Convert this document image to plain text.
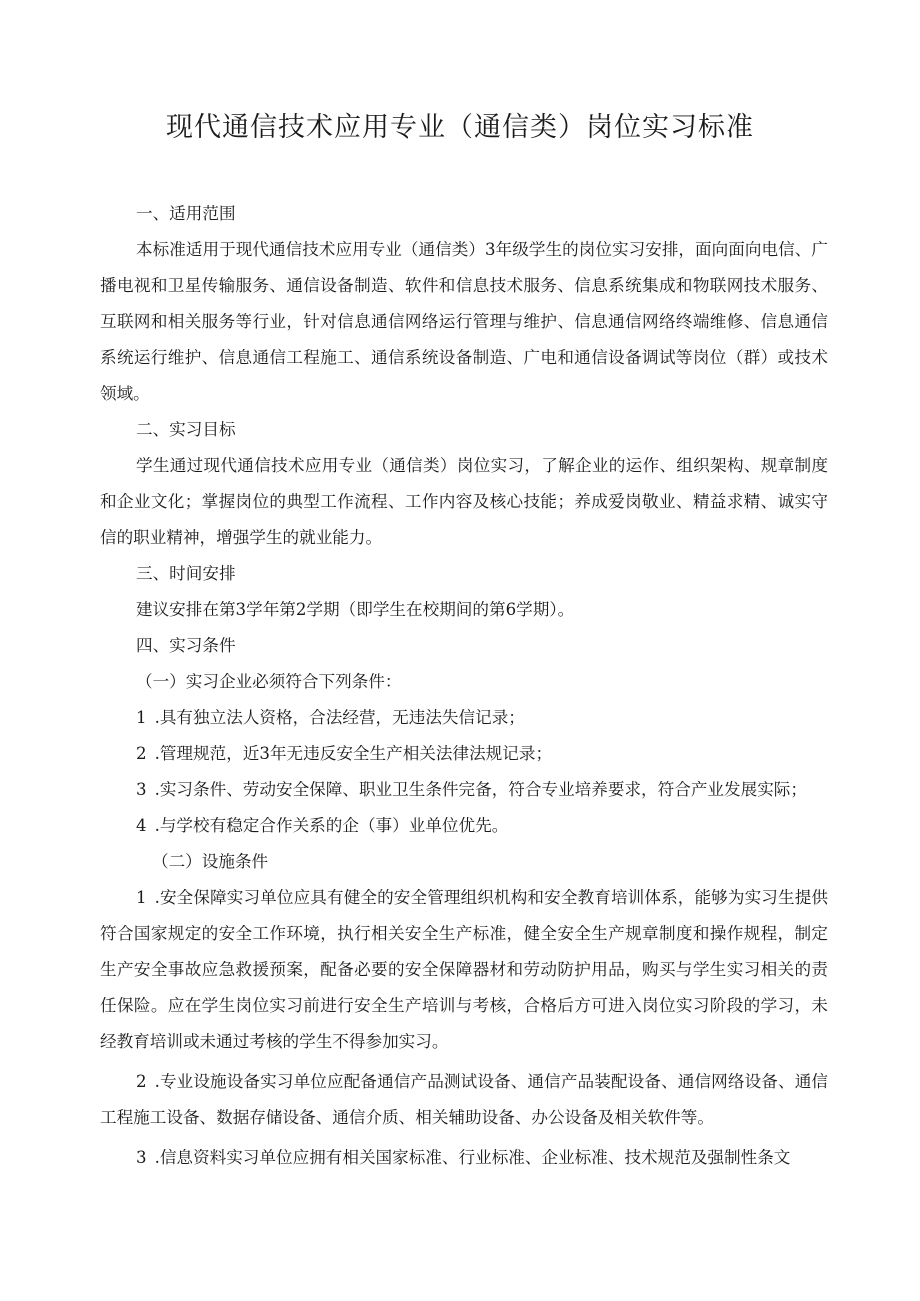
现代通信技术应用专业（通信类）岗位实习标准

一、适用范围

本标准适用于现代通信技术应用专业（通信类）3年级学生的岗位实习安排，面向面向电信、广播电视和卫星传输服务、通信设备制造、软件和信息技术服务、信息系统集成和物联网技术服务、互联网和相关服务等行业，针对信息通信网络运行管理与维护、信息通信网络终端维修、信息通信系统运行维护、信息通信工程施工、通信系统设备制造、广电和通信设备调试等岗位（群）或技术领域。

二、实习目标

学生通过现代通信技术应用专业（通信类）岗位实习，了解企业的运作、组织架构、规章制度和企业文化；掌握岗位的典型工作流程、工作内容及核心技能；养成爱岗敬业、精益求精、诚实守信的职业精神，增强学生的就业能力。

三、时间安排

建议安排在第3学年第2学期（即学生在校期间的第6学期）。

四、实习条件

（一）实习企业必须符合下列条件：

1.具有独立法人资格，合法经营，无违法失信记录；

2.管理规范，近3年无违反安全生产相关法律法规记录；

3.实习条件、劳动安全保障、职业卫生条件完备，符合专业培养要求，符合产业发展实际；

4.与学校有稳定合作关系的企（事）业单位优先。

（二）设施条件

1.安全保障实习单位应具有健全的安全管理组织机构和安全教育培训体系，能够为实习生提供符合国家规定的安全工作环境，执行相关安全生产标准，健全安全生产规章制度和操作规程，制定生产安全事故应急救援预案，配备必要的安全保障器材和劳动防护用品，购买与学生实习相关的责任保险。应在学生岗位实习前进行安全生产培训与考核，合格后方可进入岗位实习阶段的学习，未经教育培训或未通过考核的学生不得参加实习。

2.专业设施设备实习单位应配备通信产品测试设备、通信产品装配设备、通信网络设备、通信工程施工设备、数据存储设备、通信介质、相关辅助设备、办公设备及相关软件等。

3.信息资料实习单位应拥有相关国家标准、行业标准、企业标准、技术规范及强制性条文
